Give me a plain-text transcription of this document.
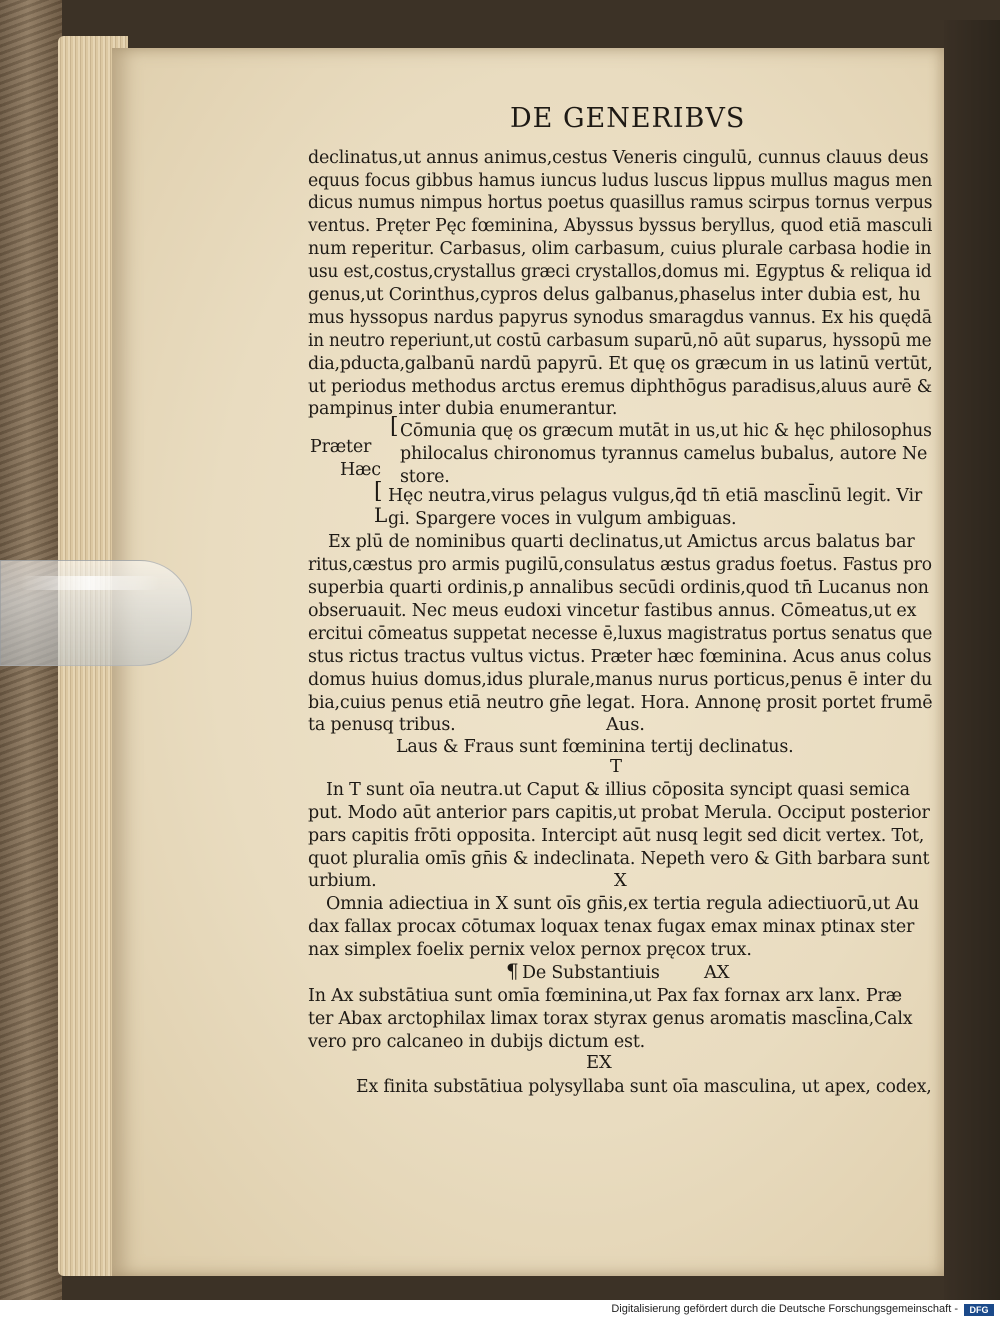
DE GENERIBVS
declinatus,ut annus animus,cestus Veneris cingulū, cunnus clauus deus
equus focus gibbus hamus iuncus ludus luscus lippus mullus magus men
dicus numus nimpus hortus poetus quasillus ramus scirpus tornus verpus
ventus. Pręter Pęc fœminina, Abyssus byssus beryllus, quod etiā masculi
num reperitur. Carbasus, olim carbasum, cuius plurale carbasa hodie in
usu est,costus,crystallus græci crystallos,domus mi. Egyptus & reliqua id
genus,ut Corinthus,cypros delus galbanus,phaselus inter dubia est, hu
mus hyssopus nardus papyrus synodus smaragdus vannus. Ex his quędā
in neutro reperiunt,ut costū carbasum suparū,nō aūt suparus, hyssopū me
dia,pducta,galbanū nardū papyrū. Et quę os græcum in us latinū vertūt,
ut periodus methodus arctus eremus diphthōgus paradisus,aluus aurē &
pampinus inter dubia enumerantur.
[ Cōmunia quę os græcum mutāt in us,ut hic & hęc philosophus
Præter philocalus chironomus tyrannus camelus bubalus, autore Ne
Hæc store.
[ Hęc neutra,virus pelagus vulgus,q̄d tn̄ etiā mascl̄inū legit. Vir
L gi. Spargere voces in vulgum ambiguas.
Ex plū de nominibus quarti declinatus,ut Amictus arcus balatus bar
ritus,cæstus pro armis pugilū,consulatus æstus gradus foetus. Fastus pro
superbia quarti ordinis,p annalibus secūdi ordinis,quod tn̄ Lucanus non
obseruauit. Nec meus eudoxi vincetur fastibus annus. Cōmeatus,ut ex
ercitui cōmeatus suppetat necesse ē,luxus magistratus portus senatus que
stus rictus tractus vultus victus. Præter hæc fœminina. Acus anus colus
domus huius domus,idus plurale,manus nurus porticus,penus ē inter du
bia,cuius penus etiā neutro gn̄e legat. Hora. Annonę prosit portet frumē
ta penusq tribus.	Aus.
Laus & Fraus sunt fœminina tertij declinatus.
T
In T sunt oīa neutra.ut Caput & illius cōposita syncipt quasi semica
put. Modo aūt anterior pars capitis,ut probat Merula. Occiput posterior
pars capitis frōti opposita. Intercipt aūt nusq legit sed dicit vertex. Tot,
quot pluralia omīs gn̄is & indeclinata. Nepeth vero & Gith barbara sunt
urbium.	X
Omnia adiectiua in X sunt oīs gn̄is,ex tertia regula adiectiuorū,ut Au
dax fallax procax cōtumax loquax tenax fugax emax minax ptinax ster
nax simplex foelix pernix velox pernox pręcox trux.
¶ De Substantiuis AX
In Ax substātiua sunt omīa fœminina,ut Pax fax fornax arx lanx. Præ
ter Abax arctophilax limax torax styrax genus aromatis mascl̄ina,Calx
vero pro calcaneo in dubijs dictum est.
EX
Ex finita substātiua polysyllaba sunt oīa masculina, ut apex, codex,
Digitalisierung gefördert durch die Deutsche Forschungsgemeinschaft -	DFG
